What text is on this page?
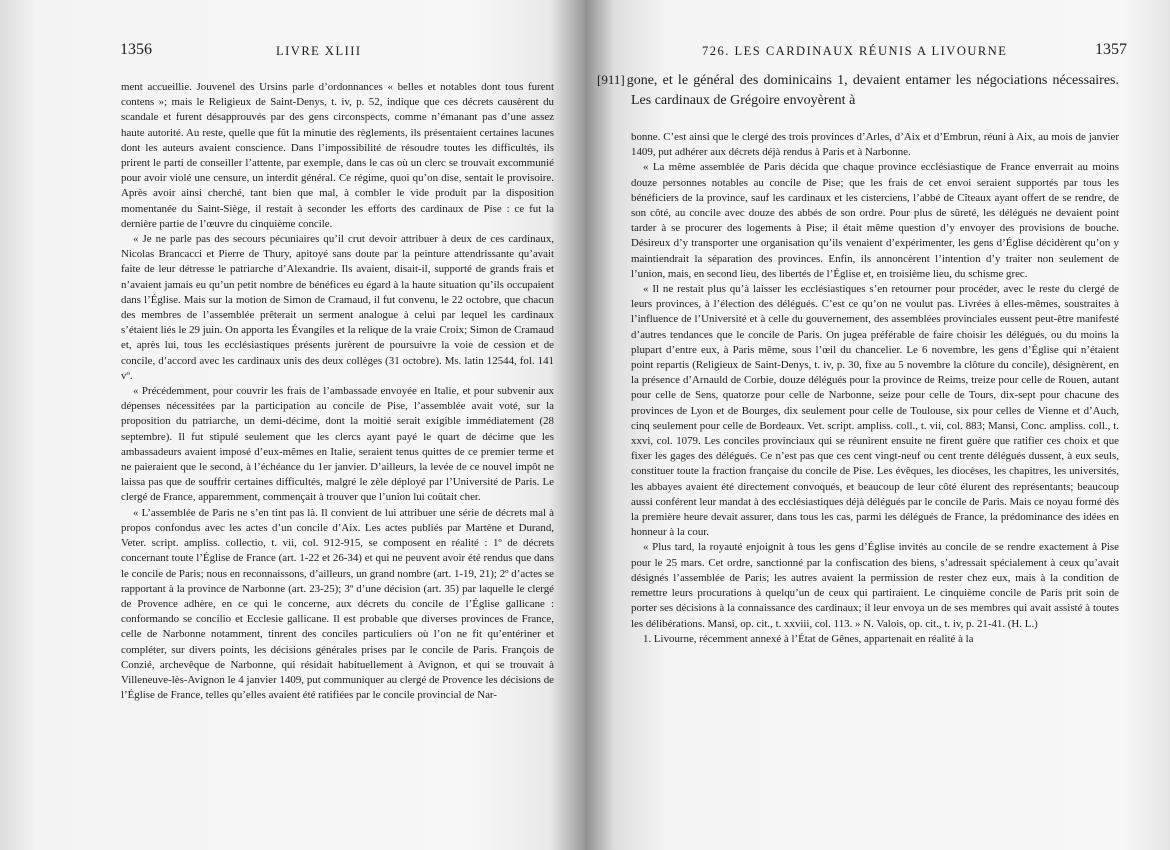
1356	LIVRE XLIII

ment accueillie. Jouvenel des Ursins parle d’ordonnances « belles et notables dont tous furent contens »; mais le Religieux de Saint-Denys, t. iv, p. 52, indique que ces décrets causèrent du scandale et furent désapprouvés par des gens circonspects, comme n’émanant pas d’une assez haute autorité. Au reste, quelle que fût la minutie des règlements, ils présentaient certaines lacunes dont les auteurs avaient conscience. Dans l’impossibilité de résoudre toutes les difficultés, ils prirent le parti de conseiller l’attente, par exemple, dans le cas où un clerc se trouvait excommunié pour avoir violé une censure, un interdit général. Ce régime, quoi qu’on dise, sentait le provisoire. Après avoir ainsi cherché, tant bien que mal, à combler le vide produit par la disposition momentanée du Saint-Siège, il restait à seconder les efforts des cardinaux de Pise : ce fut la dernière partie de l’œuvre du cinquième concile.

« Je ne parle pas des secours pécuniaires qu’il crut devoir attribuer à deux de ces cardinaux, Nicolas Brancacci et Pierre de Thury, apitoyé sans doute par la peinture attendrissante qu’avait faite de leur détresse le patriarche d’Alexandrie. Ils avaient, disait-il, supporté de grands frais et n’avaient jamais eu qu’un petit nombre de bénéfices eu égard à la haute situation qu’ils occupaient dans l’Église. Mais sur la motion de Simon de Cramaud, il fut convenu, le 22 octobre, que chacun des membres de l’assemblée prêterait un serment analogue à celui par lequel les cardinaux s’étaient liés le 29 juin. On apporta les Évangiles et la relique de la vraie Croix; Simon de Cramaud et, après lui, tous les ecclésiastiques présents jurèrent de poursuivre la voie de cession et de concile, d’accord avec les cardinaux unis des deux collèges (31 octobre). Ms. latin 12544, fol. 141 vº.

« Précédemment, pour couvrir les frais de l’ambassade envoyée en Italie, et pour subvenir aux dépenses nécessitées par la participation au concile de Pise, l’assemblée avait voté, sur la proposition du patriarche, un demi-décime, dont la moitié serait exigible immédiatement (28 septembre). Il fut stipulé seulement que les clercs ayant payé le quart de décime que les ambassadeurs avaient imposé d’eux-mêmes en Italie, seraient tenus quittes de ce premier terme et ne paieraient que le second, à l’échéance du 1er janvier. D’ailleurs, la levée de ce nouvel impôt ne laissa pas que de souffrir certaines difficultés, malgré le zèle déployé par l’Université de Paris. Le clergé de France, apparemment, commençait à trouver que l’union lui coûtait cher.

« L’assemblée de Paris ne s’en tint pas là. Il convient de lui attribuer une série de décrets mal à propos confondus avec les actes d’un concile d’Aix. Les actes publiés par Martène et Durand, Veter. script. ampliss. collectio, t. vii, col. 912-915, se composent en réalité : 1º de décrets concernant toute l’Église de France (art. 1-22 et 26-34) et qui ne peuvent avoir été rendus que dans le concile de Paris; nous en reconnaissons, d’ailleurs, un grand nombre (art. 1-19, 21); 2º d’actes se rapportant à la province de Narbonne (art. 23-25); 3º d’une décision (art. 35) par laquelle le clergé de Provence adhère, en ce qui le concerne, aux décrets du concile de l’Église gallicane : conformando se concilio et Ecclesie gallicane. Il est probable que diverses provinces de France, celle de Narbonne notamment, tinrent des conciles particuliers où l’on ne fit qu’entériner et compléter, sur divers points, les décisions générales prises par le concile de Paris. François de Conzié, archevêque de Narbonne, qui résidait habituellement à Avignon, et qui se trouvait à Villeneuve-lès-Avignon le 4 janvier 1409, put communiquer au clergé de Provence les décisions de l’Église de France, telles qu’elles avaient été ratifiées par le concile provincial de Nar-

726. LES CARDINAUX RÉUNIS A LIVOURNE	1357
[911] gone, et le général des dominicains 1, devaient entamer les négociations nécessaires. Les cardinaux de Grégoire envoyèrent à

bonne. C’est ainsi que le clergé des trois provinces d’Arles, d’Aix et d’Embrun, réuni à Aix, au mois de janvier 1409, put adhérer aux décrets déjà rendus à Paris et à Narbonne.

« La même assemblée de Paris décida que chaque province ecclésiastique de France enverrait au moins douze personnes notables au concile de Pise; que les frais de cet envoi seraient supportés par tous les bénéficiers de la province, sauf les cardinaux et les cisterciens, l’abbé de Cîteaux ayant offert de se rendre, de son côté, au concile avec douze des abbés de son ordre. Pour plus de sûreté, les délégués ne devaient point tarder à se procurer des logements à Pise; il était même question d’y envoyer des provisions de bouche. Désireux d’y transporter une organisation qu’ils venaient d’expérimenter, les gens d’Église décidèrent qu’on y maintiendrait la séparation des provinces. Enfin, ils annoncèrent l’intention d’y traiter non seulement de l’union, mais, en second lieu, des libertés de l’Église et, en troisième lieu, du schisme grec.

« Il ne restait plus qu’à laisser les ecclésiastiques s’en retourner pour procéder, avec le reste du clergé de leurs provinces, à l’élection des délégués. C’est ce qu’on ne voulut pas. Livrées à elles-mêmes, soustraites à l’influence de l’Université et à celle du gouvernement, des assemblées provinciales eussent peut-être manifesté d’autres tendances que le concile de Paris. On jugea préférable de faire choisir les délégués, ou du moins la plupart d’entre eux, à Paris même, sous l’œil du chancelier. Le 6 novembre, les gens d’Église qui n’étaient point repartis (Religieux de Saint-Denys, t. iv, p. 30, fixe au 5 novembre la clôture du concile), désignèrent, en la présence d’Arnauld de Corbie, douze délégués pour la province de Reims, treize pour celle de Rouen, autant pour celle de Sens, quatorze pour celle de Narbonne, seize pour celle de Tours, dix-sept pour chacune des provinces de Lyon et de Bourges, dix seulement pour celle de Toulouse, six pour celles de Vienne et d’Auch, cinq seulement pour celle de Bordeaux. Vet. script. ampliss. coll., t. vii, col. 883; Mansi, Conc. ampliss. coll., t. xxvi, col. 1079. Les conciles provinciaux qui se réunirent ensuite ne firent guère que ratifier ces choix et que fixer les gages des délégués. Ce n’est pas que ces cent vingt-neuf ou cent trente délégués dussent, à eux seuls, constituer toute la fraction française du concile de Pise. Les évêques, les diocèses, les chapitres, les universités, les abbayes avaient été directement convoqués, et beaucoup de leur côté élurent des représentants; beaucoup aussi conférent leur mandat à des ecclésiastiques déjà délégués par le concile de Paris. Mais ce noyau formé dès la première heure devait assurer, dans tous les cas, parmi les délégués de France, la prédominance des idées en honneur à la cour.

« Plus tard, la royauté enjoignit à tous les gens d’Église invités au concile de se rendre exactement à Pise pour le 25 mars. Cet ordre, sanctionné par la confiscation des biens, s’adressait spécialement à ceux qu’avait désignés l’assemblée de Paris; les autres avaient la permission de rester chez eux, mais à la condition de remettre leurs procurations à quelqu’un de ceux qui partiraient. Le cinquième concile de Paris prit soin de porter ses décisions à la connaissance des cardinaux; il leur envoya un de ses membres qui avait assisté à toutes les délibérations. Mansi, op. cit., t. xxviii, col. 113. » N. Valois, op. cit., t. iv, p. 21-41. (H. L.)

1. Livourne, récemment annexé à l’État de Gênes, appartenait en réalité à la
